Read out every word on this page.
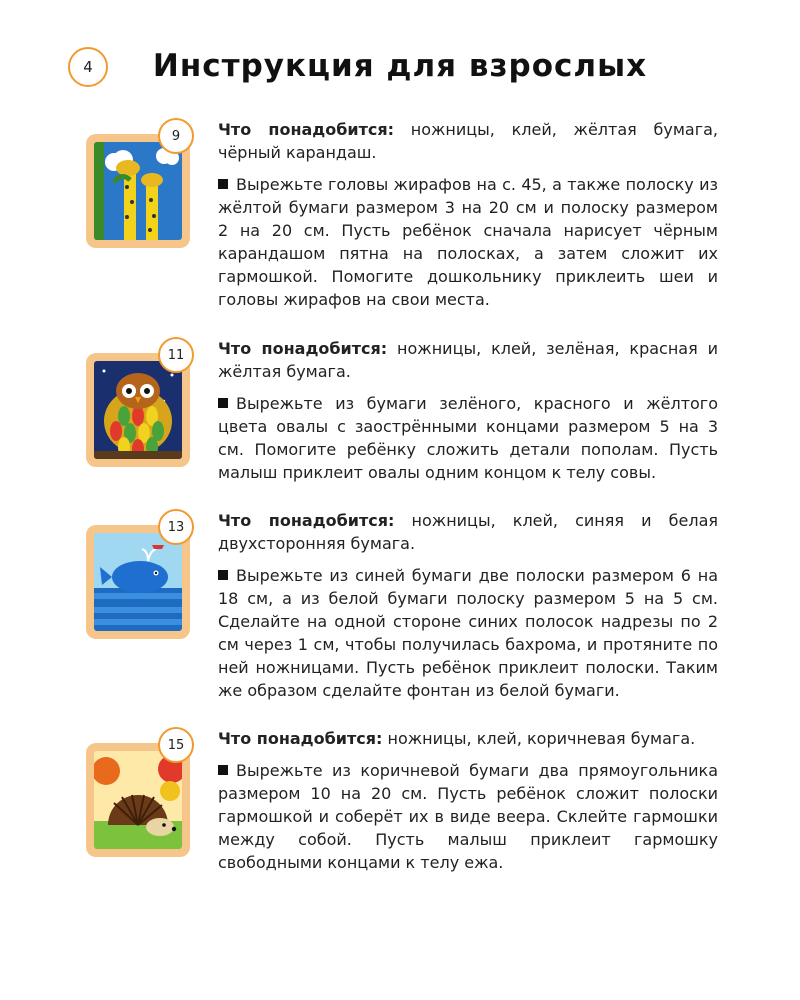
4	Инструкция для взрослых
9	Что понадобится: ножницы, клей, жёлтая бумага, чёрный карандаш.

Вырежьте головы жирафов на с. 45, а также полоску из жёлтой бумаги размером 3 на 20 см и полоску размером 2 на 20 см. Пусть ребёнок сначала нарисует чёрным карандашом пятна на полосках, а затем сложит их гармошкой. Помогите дошкольнику приклеить шеи и головы жирафов на свои места.

11	Что понадобится: ножницы, клей, зелёная, красная и жёлтая бумага.

Вырежьте из бумаги зелёного, красного и жёлтого цвета овалы с заострёнными концами размером 5 на 3 см. Помогите ребёнку сложить детали пополам. Пусть малыш приклеит овалы одним концом к телу совы.

13	Что понадобится: ножницы, клей, синяя и белая двухсторонняя бумага.

Вырежьте из синей бумаги две полоски размером 6 на 18 см, а из белой бумаги полоску размером 5 на 5 см. Сделайте на одной стороне синих полосок надрезы по 2 см через 1 см, чтобы получилась бахрома, и протяните по ней ножницами. Пусть ребёнок приклеит полоски. Таким же образом сделайте фонтан из белой бумаги.

15	Что понадобится: ножницы, клей, коричневая бумага.

Вырежьте из коричневой бумаги два прямоугольника размером 10 на 20 см. Пусть ребёнок сложит полоски гармошкой и соберёт их в виде веера. Склейте гармошки между собой. Пусть малыш приклеит гармошку свободными концами к телу ежа.
